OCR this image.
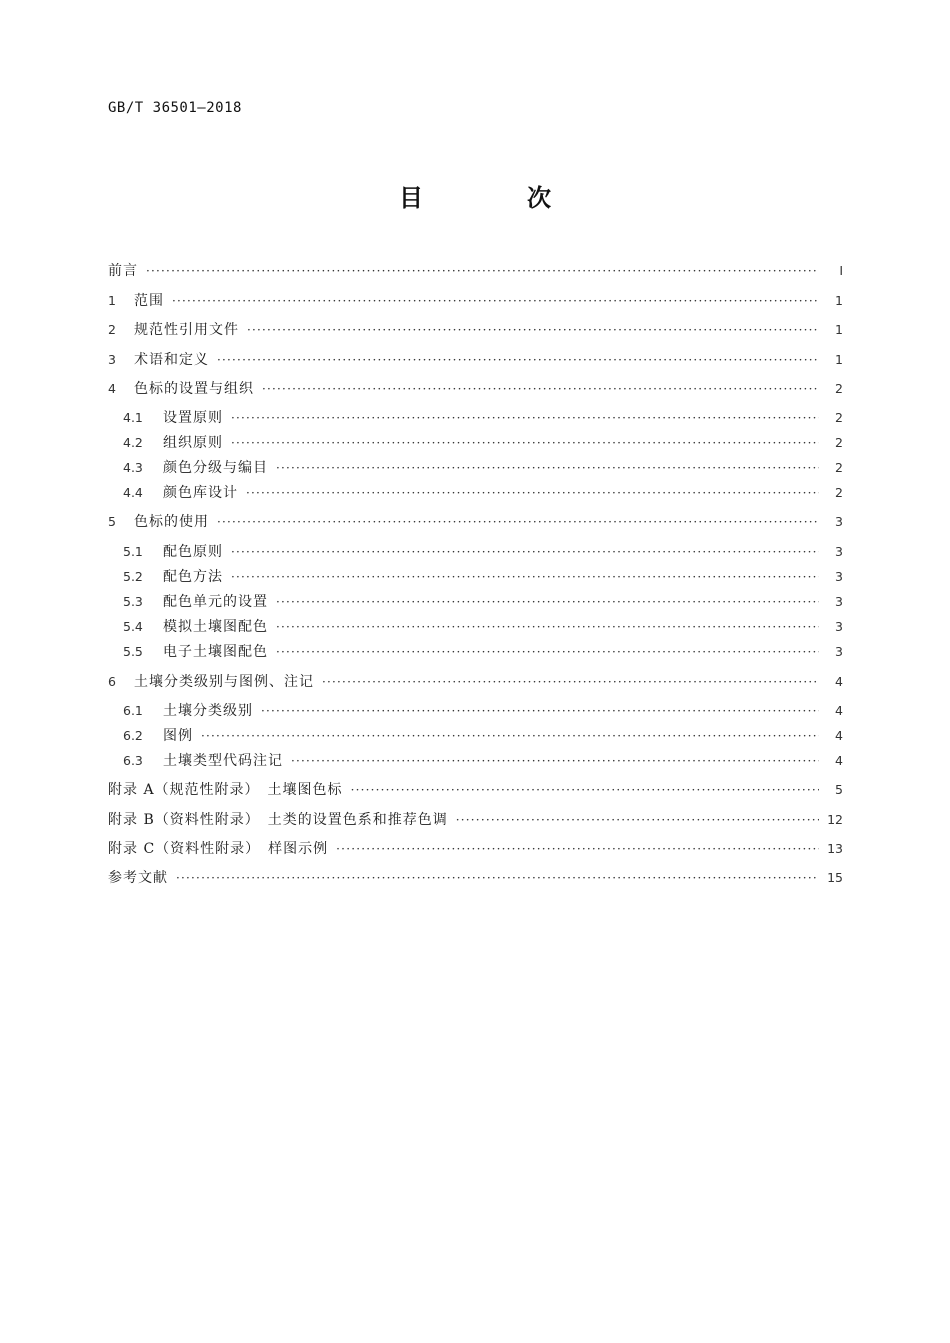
GB/T 36501—2018
目　次
前言 ·····	Ⅰ
1	范围 ·····	1
2	规范性引用文件 ·····	1
3	术语和定义 ·····	1
4	色标的设置与组织 ·····	2
4.1	设置原则 ·····	2
4.2	组织原则 ·····	2
4.3	颜色分级与编目 ·····	2
4.4	颜色库设计 ·····	2
5	色标的使用 ·····	3
5.1	配色原则 ·····	3
5.2	配色方法 ·····	3
5.3	配色单元的设置 ·····	3
5.4	模拟土壤图配色 ·····	3
5.5	电子土壤图配色 ·····	3
6	土壤分类级别与图例、注记 ·····	4
6.1	土壤分类级别 ·····	4
6.2	图例 ·····	4
6.3	土壤类型代码注记 ·····	4
附录 A（规范性附录）　土壤图色标 ·····	5
附录 B（资料性附录）　土类的设置色系和推荐色调 ·····	12
附录 C（资料性附录）　样图示例 ·····	13
参考文献 ·····	15
